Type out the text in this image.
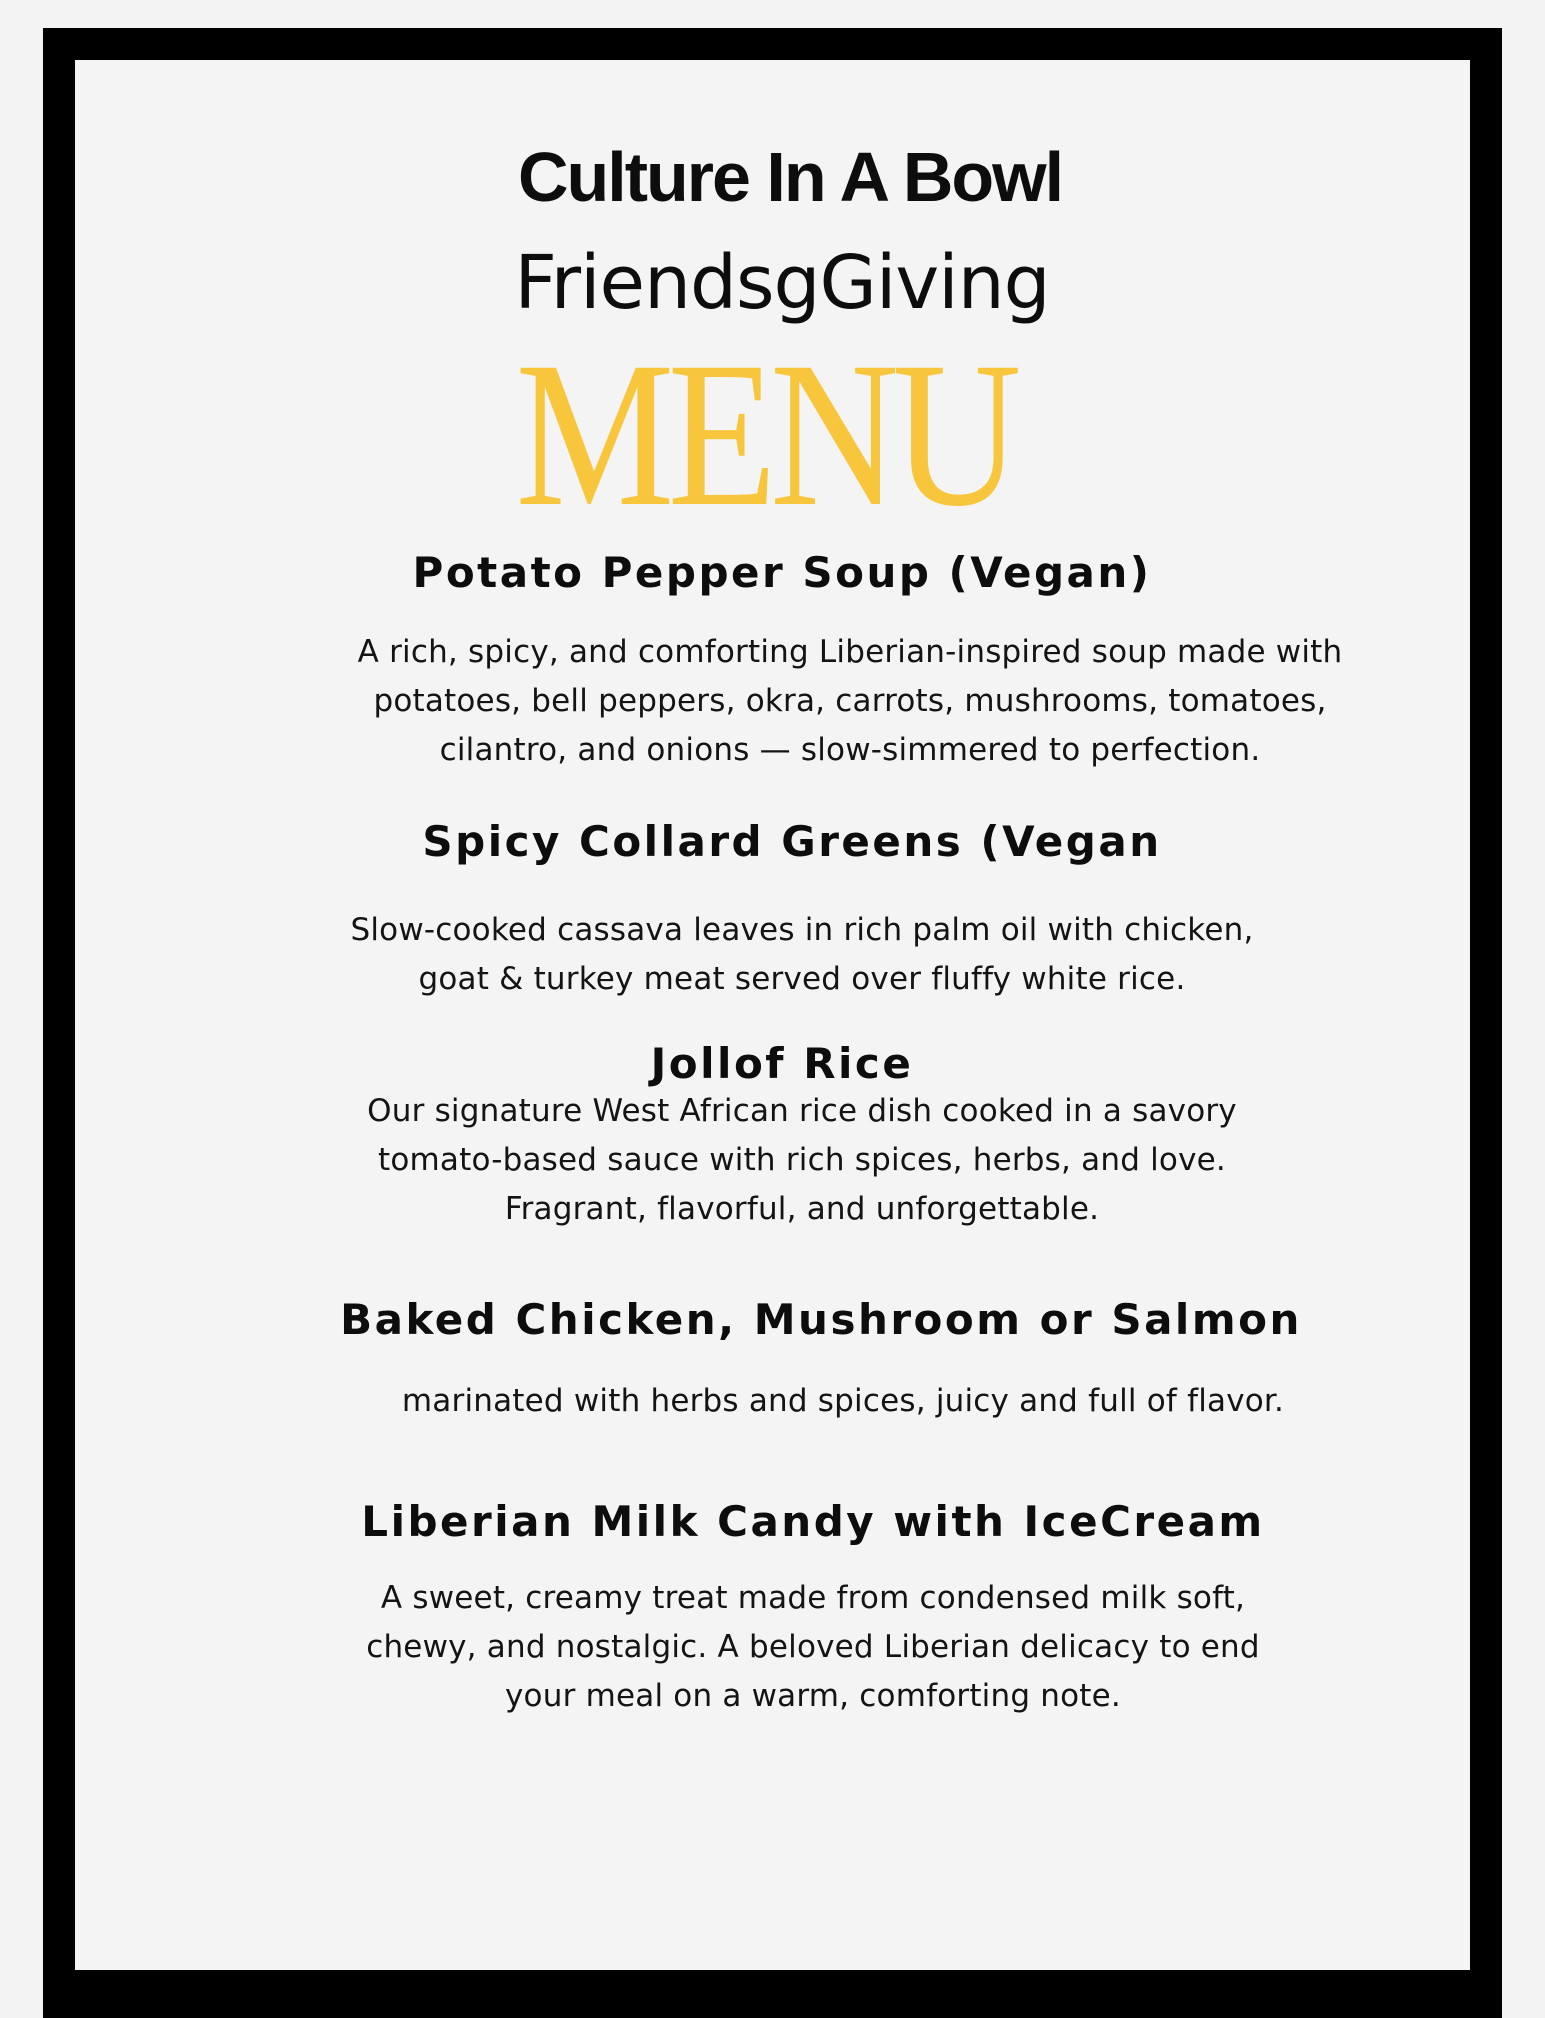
Culture In A Bowl
FriendsgGiving
MENU
Potato Pepper Soup (Vegan)
A rich, spicy, and comforting Liberian-inspired soup made with
potatoes, bell peppers, okra, carrots, mushrooms, tomatoes,
cilantro, and onions — slow-simmered to perfection.
Spicy Collard Greens (Vegan
Slow-cooked cassava leaves in rich palm oil with chicken,
goat & turkey meat served over fluffy white rice.
Jollof Rice
Our signature West African rice dish cooked in a savory
tomato-based sauce with rich spices, herbs, and love.
Fragrant, flavorful, and unforgettable.
Baked Chicken, Mushroom or Salmon
marinated with herbs and spices, juicy and full of flavor.
Liberian Milk Candy with IceCream
A sweet, creamy treat made from condensed milk soft,
chewy, and nostalgic. A beloved Liberian delicacy to end
your meal on a warm, comforting note.
